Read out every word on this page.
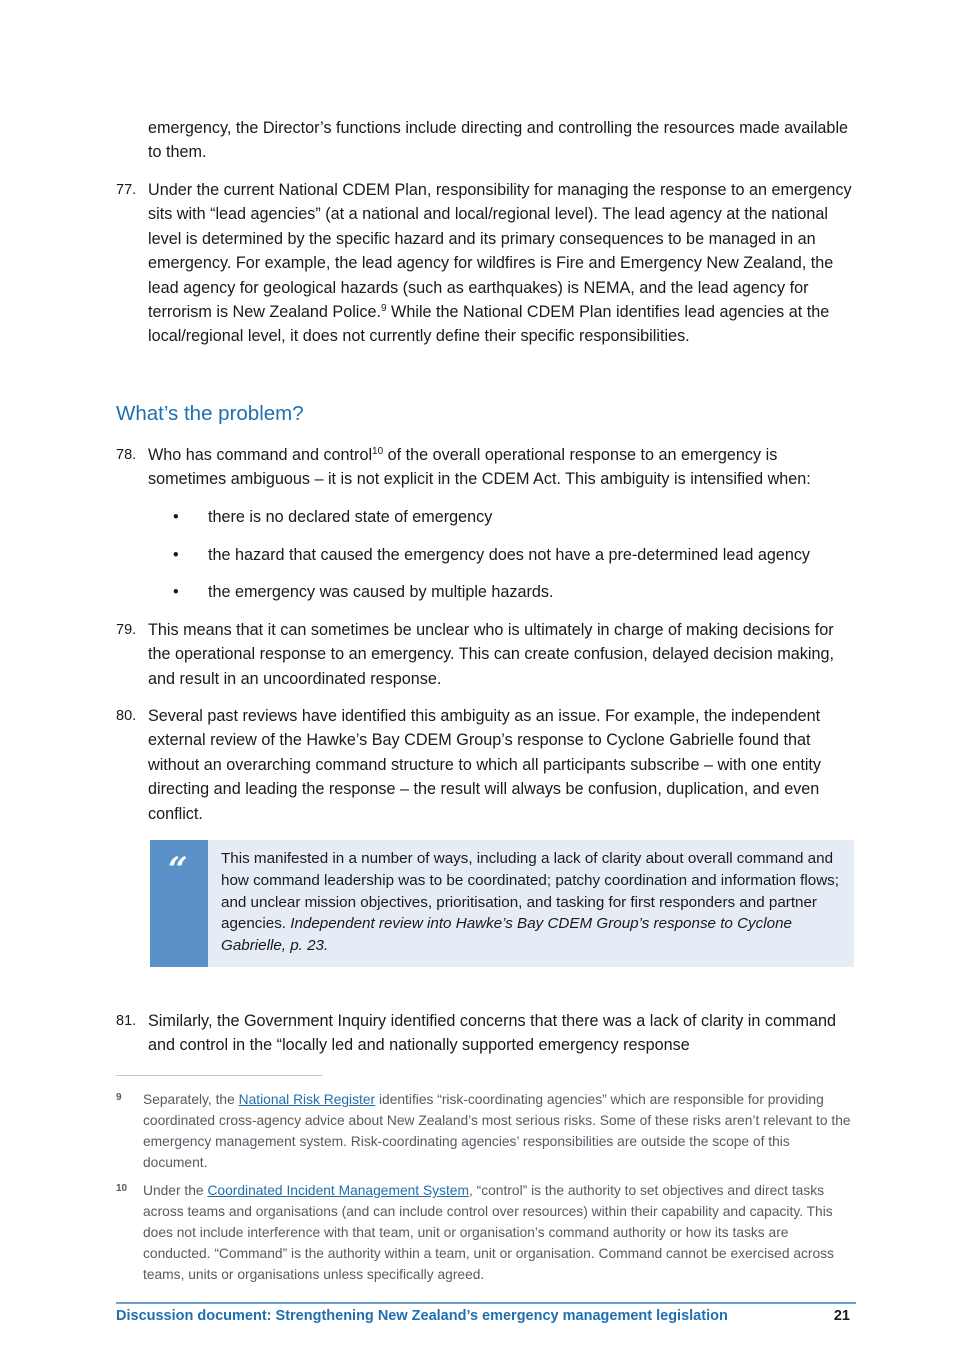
emergency, the Director’s functions include directing and controlling the resources made available to them.
77. Under the current National CDEM Plan, responsibility for managing the response to an emergency sits with “lead agencies” (at a national and local/regional level). The lead agency at the national level is determined by the specific hazard and its primary consequences to be managed in an emergency. For example, the lead agency for wildfires is Fire and Emergency New Zealand, the lead agency for geological hazards (such as earthquakes) is NEMA, and the lead agency for terrorism is New Zealand Police.$^9$ While the National CDEM Plan identifies lead agencies at the local/regional level, it does not currently define their specific responsibilities.
What’s the problem?
78. Who has command and control$^{10}$ of the overall operational response to an emergency is sometimes ambiguous – it is not explicit in the CDEM Act. This ambiguity is intensified when:
• there is no declared state of emergency
• the hazard that caused the emergency does not have a pre-determined lead agency
• the emergency was caused by multiple hazards.
79. This means that it can sometimes be unclear who is ultimately in charge of making decisions for the operational response to an emergency. This can create confusion, delayed decision making, and result in an uncoordinated response.
80. Several past reviews have identified this ambiguity as an issue. For example, the independent external review of the Hawke’s Bay CDEM Group’s response to Cyclone Gabrielle found that without an overarching command structure to which all participants subscribe – with one entity directing and leading the response – the result will always be confusion, duplication, and even conflict.
“ This manifested in a number of ways, including a lack of clarity about overall command and how command leadership was to be coordinated; patchy coordination and information flows; and unclear mission objectives, prioritisation, and tasking for first responders and partner agencies. Independent review into Hawke’s Bay CDEM Group’s response to Cyclone Gabrielle, p. 23.
81. Similarly, the Government Inquiry identified concerns that there was a lack of clarity in command and control in the “locally led and nationally supported emergency response
9 Separately, the National Risk Register identifies “risk-coordinating agencies” which are responsible for providing coordinated cross-agency advice about New Zealand’s most serious risks. Some of these risks aren’t relevant to the emergency management system. Risk-coordinating agencies’ responsibilities are outside the scope of this document.
10 Under the Coordinated Incident Management System, “control” is the authority to set objectives and direct tasks across teams and organisations (and can include control over resources) within their capability and capacity. This does not include interference with that team, unit or organisation’s command authority or how its tasks are conducted. “Command” is the authority within a team, unit or organisation. Command cannot be exercised across teams, units or organisations unless specifically agreed.
Discussion document: Strengthening New Zealand’s emergency management legislation	21
